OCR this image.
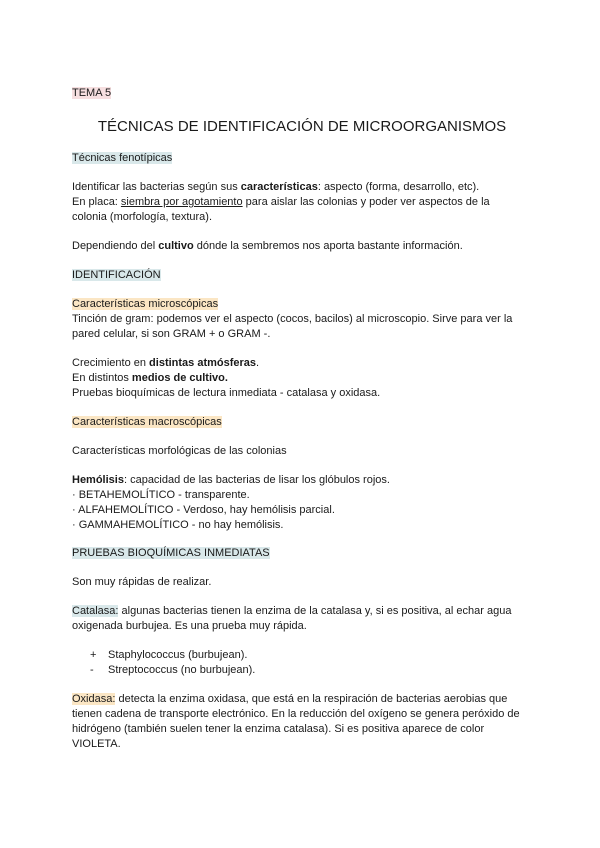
TEMA 5
TÉCNICAS DE IDENTIFICACIÓN DE MICROORGANISMOS
Técnicas fenotípicas
Identificar las bacterias según sus características: aspecto (forma, desarrollo, etc).
En placa: siembra por agotamiento para aislar las colonias y poder ver aspectos de la
colonia (morfología, textura).
Dependiendo del cultivo dónde la sembremos nos aporta bastante información.
IDENTIFICACIÓN
Características microscópicas
Tinción de gram: podemos ver el aspecto (cocos, bacilos) al microscopio. Sirve para ver la
pared celular, si son GRAM + o GRAM -.
Crecimiento en distintas atmósferas.
En distintos medios de cultivo.
Pruebas bioquímicas de lectura inmediata - catalasa y oxidasa.
Características macroscópicas
Características morfológicas de las colonias
Hemólisis: capacidad de las bacterias de lisar los glóbulos rojos.
· BETAHEMOLÍTICO - transparente.
· ALFAHEMOLÍTICO - Verdoso, hay hemólisis parcial.
· GAMMAHEMOLÍTICO - no hay hemólisis.
PRUEBAS BIOQUÍMICAS INMEDIATAS
Son muy rápidas de realizar.
Catalasa: algunas bacterias tienen la enzima de la catalasa y, si es positiva, al echar agua
oxigenada burbujea. Es una prueba muy rápida.
+ Staphylococcus (burbujean).
- Streptococcus (no burbujean).
Oxidasa: detecta la enzima oxidasa, que está en la respiración de bacterias aerobias que
tienen cadena de transporte electrónico. En la reducción del oxígeno se genera peróxido de
hidrógeno (también suelen tener la enzima catalasa). Si es positiva aparece de color
VIOLETA.
